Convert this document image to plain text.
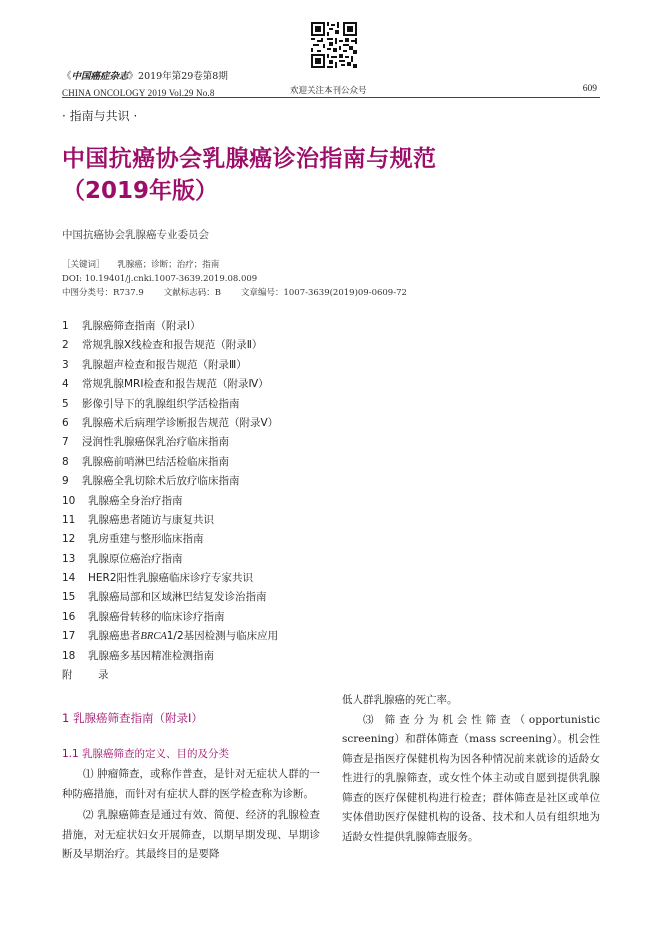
《中国癌症杂志》2019年第29卷第8期
CHINA ONCOLOGY 2019 Vol.29 No.8	欢迎关注本刊公众号	609
· 指南与共识 ·
中国抗癌协会乳腺癌诊治指南与规范
（2019年版）
中国抗癌协会乳腺癌专业委员会
［关键词］ 乳腺癌；诊断；治疗；指南
DOI: 10.19401/j.cnki.1007-3639.2019.08.009
中图分类号：R737.9 文献标志码：B 文章编号：1007-3639(2019)09-0609-72
1	乳腺癌筛查指南（附录Ⅰ）
2	常规乳腺X线检查和报告规范（附录Ⅱ）
3	乳腺超声检查和报告规范（附录Ⅲ）
4	常规乳腺MRI检查和报告规范（附录Ⅳ）
5	影像引导下的乳腺组织学活检指南
6	乳腺癌术后病理学诊断报告规范（附录Ⅴ）
7	浸润性乳腺癌保乳治疗临床指南
8	乳腺癌前哨淋巴结活检临床指南
9	乳腺癌全乳切除术后放疗临床指南
10	乳腺癌全身治疗指南
11	乳腺癌患者随访与康复共识
12	乳房重建与整形临床指南
13	乳腺原位癌治疗指南
14	HER2阳性乳腺癌临床诊疗专家共识
15	乳腺癌局部和区域淋巴结复发诊治指南
16	乳腺癌骨转移的临床诊疗指南
17	乳腺癌患者BRCA1/2基因检测与临床应用
18	乳腺癌多基因精准检测指南
附	录
1 乳腺癌筛查指南（附录Ⅰ）
1.1 乳腺癌筛查的定义、目的及分类

⑴ 肿瘤筛查，或称作普查，是针对无症状人群的一种防癌措施，而针对有症状人群的医学检查称为诊断。

⑵ 乳腺癌筛查是通过有效、简便、经济的乳腺检查措施，对无症状妇女开展筛查，以期早期发现、早期诊断及早期治疗。其最终目的是要降

低人群乳腺癌的死亡率。

⑶ 筛查分为机会性筛查（opportunistic screening）和群体筛查（mass screening）。机会性筛查是指医疗保健机构为因各种情况前来就诊的适龄女性进行的乳腺筛查，或女性个体主动或自愿到提供乳腺筛查的医疗保健机构进行检查；群体筛查是社区或单位实体借助医疗保健机构的设备、技术和人员有组织地为适龄女性提供乳腺筛查服务。
